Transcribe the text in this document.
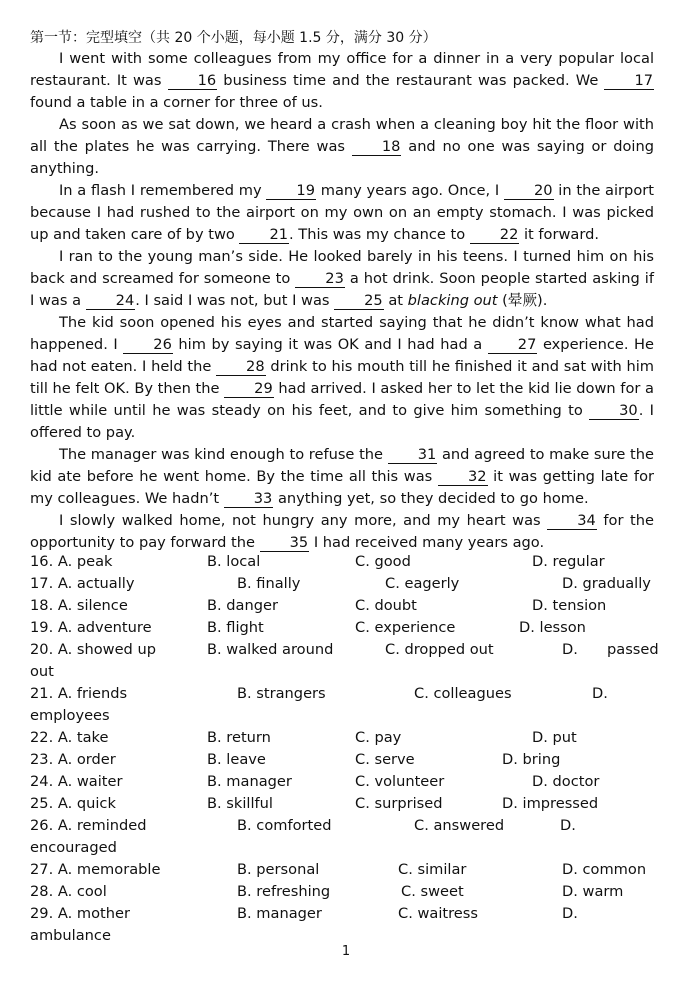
第一节：完型填空（共 20 个小题，每小题 1.5 分，满分 30 分）

I went with some colleagues from my office for a dinner in a very popular local restaurant. It was 16 business time and the restaurant was packed. We 17 found a table in a corner for three of us.

As soon as we sat down, we heard a crash when a cleaning boy hit the floor with all the plates he was carrying. There was 18 and no one was saying or doing anything.

In a flash I remembered my 19 many years ago. Once, I 20 in the airport because I had rushed to the airport on my own on an empty stomach. I was picked up and taken care of by two 21. This was my chance to 22 it forward.

I ran to the young man’s side. He looked barely in his teens. I turned him on his back and screamed for someone to 23 a hot drink. Soon people started asking if I was a 24. I said I was not, but I was 25 at blacking out (晕厥).

The kid soon opened his eyes and started saying that he didn’t know what had happened. I 26 him by saying it was OK and I had had a 27 experience. He had not eaten. I held the 28 drink to his mouth till he finished it and sat with him till he felt OK. By then the 29 had arrived. I asked her to let the kid lie down for a little while until he was steady on his feet, and to give him something to 30. I offered to pay.

The manager was kind enough to refuse the 31 and agreed to make sure the kid ate before he went home. By the time all this was 32 it was getting late for my colleagues. We hadn’t 33 anything yet, so they decided to go home.

I slowly walked home, not hungry any more, and my heart was 34 for the opportunity to pay forward the 35 I had received many years ago.

16. A. peak	B. local	C. good	D. regular
17. A. actually	B. finally	C. eagerly	D. gradually
18. A. silence	B. danger	C. doubt	D. tension
19. A. adventure	B. flight	C. experience	D. lesson
20. A. showed up	B. walked around	C. dropped out	D. passed
out
21. A. friends	B. strangers	C. colleagues	D.
employees
22. A. take	B. return	C. pay	D. put
23. A. order	B. leave	C. serve	D. bring
24. A. waiter	B. manager	C. volunteer	D. doctor
25. A. quick	B. skillful	C. surprised	D. impressed
26. A. reminded	B. comforted	C. answered	D.
encouraged
27. A. memorable	B. personal	C. similar	D. common
28. A. cool	B. refreshing	C. sweet	D. warm
29. A. mother	B. manager	C. waitress	D.
ambulance
1
